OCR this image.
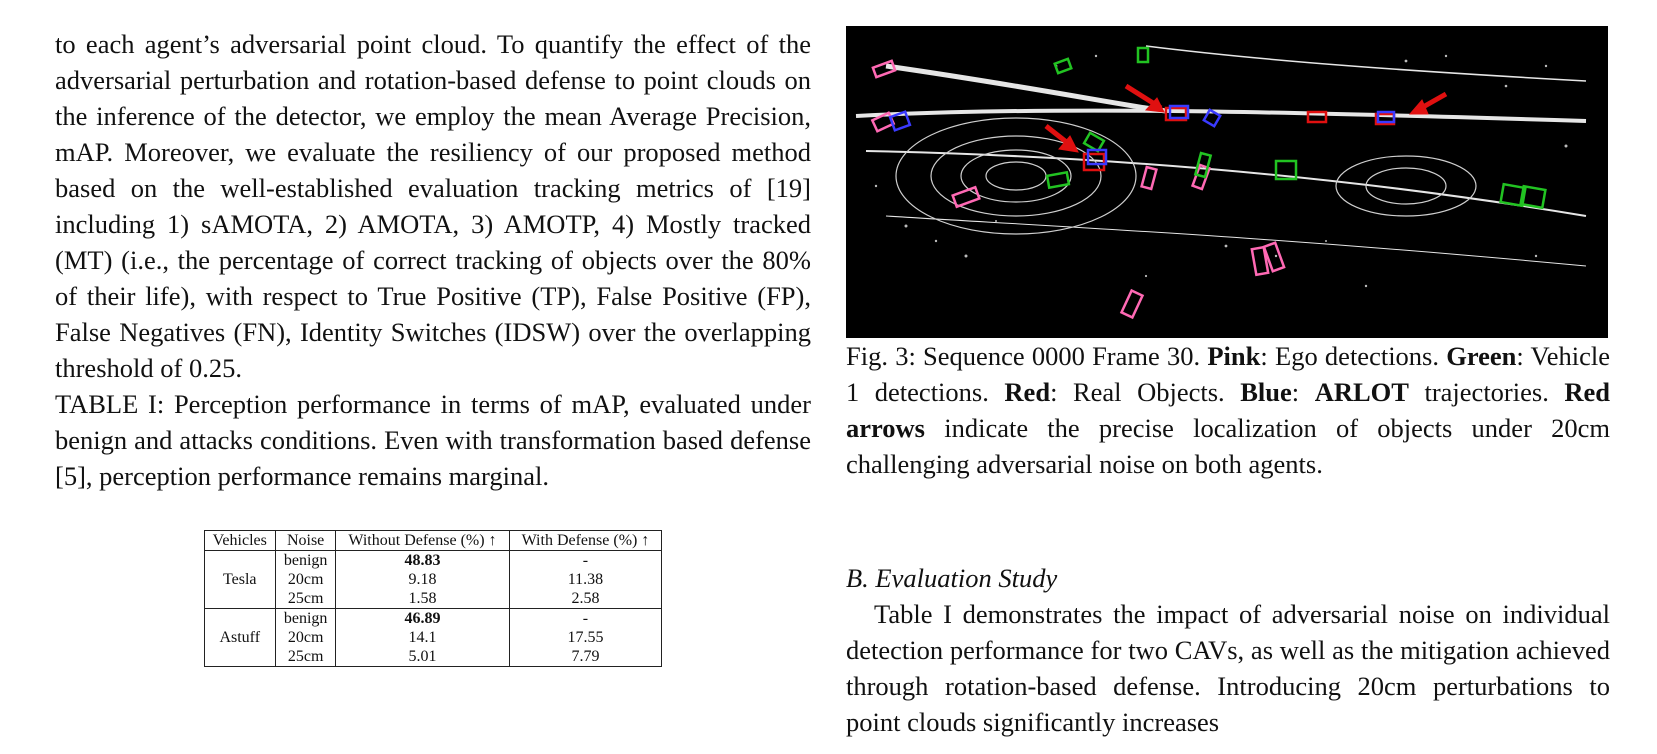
to each agent’s adversarial point cloud. To quantify the effect of the adversarial perturbation and rotation-based defense to point clouds on the inference of the detector, we employ the mean Average Precision, mAP. Moreover, we evaluate the resiliency of our proposed method based on the well-established evaluation tracking metrics of [19] including 1) sAMOTA, 2) AMOTA, 3) AMOTP, 4) Mostly tracked (MT) (i.e., the percentage of correct tracking of objects over the 80% of their life), with respect to True Positive (TP), False Positive (FP), False Negatives (FN), Identity Switches (IDSW) over the overlapping threshold of 0.25.

TABLE I: Perception performance in terms of mAP, evaluated under benign and attacks conditions. Even with transformation based defense [5], perception performance remains marginal.

Vehicles	Noise	Without Defense (%) ↑	With Defense (%) ↑
Tesla	benign	48.83	-
	20cm	9.18	11.38
	25cm	1.58	2.58
Astuff	benign	46.89	-
	20cm	14.1	17.55
	25cm	5.01	7.79

Fig. 3: Sequence 0000 Frame 30. Pink: Ego detections. Green: Vehicle 1 detections. Red: Real Objects. Blue: ARLOT trajectories. Red arrows indicate the precise localization of objects under 20cm challenging adversarial noise on both agents.

B. Evaluation Study

Table I demonstrates the impact of adversarial noise on individual detection performance for two CAVs, as well as the mitigation achieved through rotation-based defense. Introducing 20cm perturbations to point clouds significantly increases
